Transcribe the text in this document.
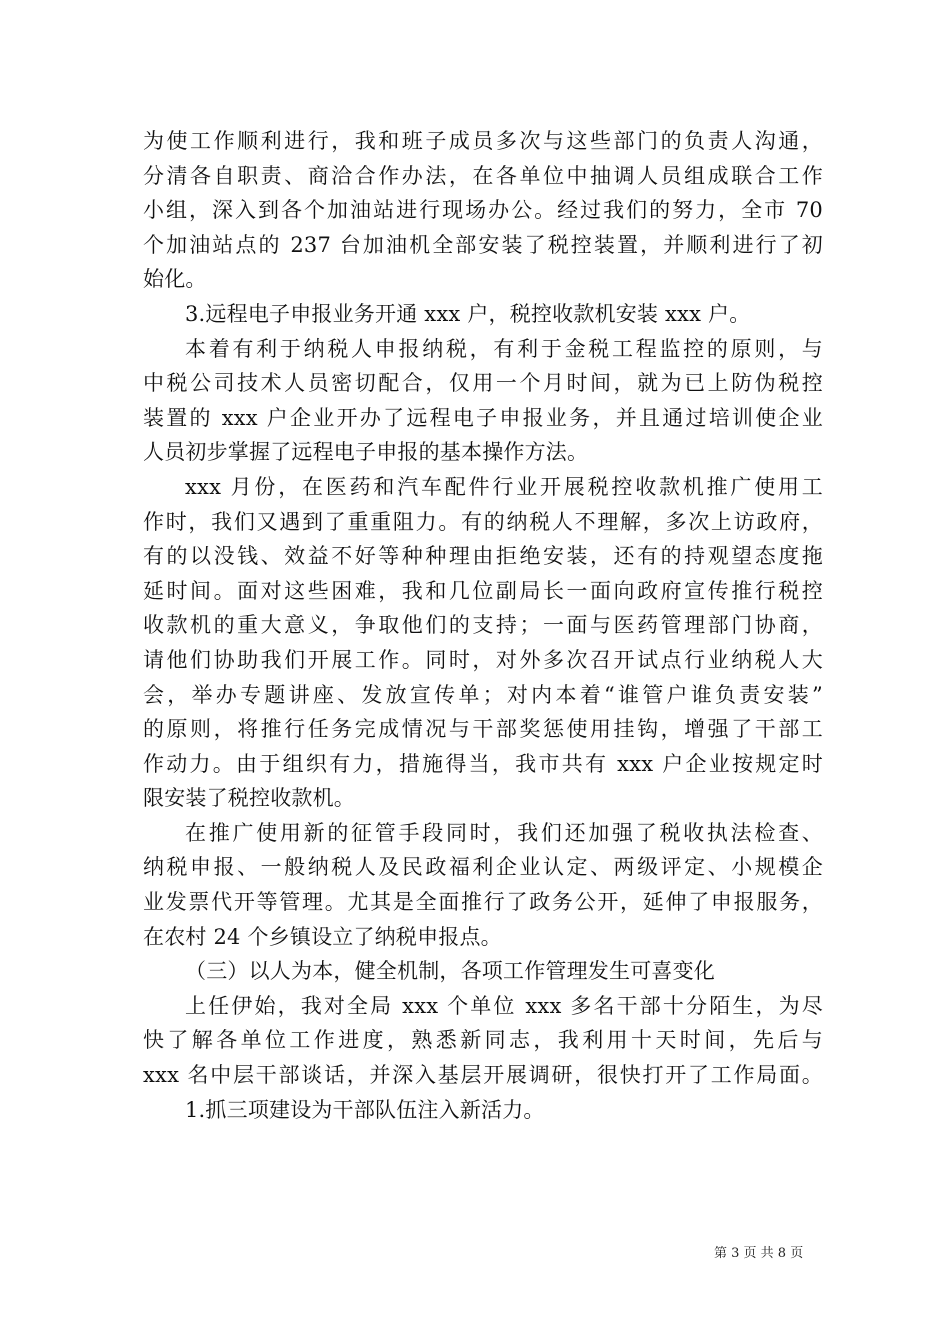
为使工作顺利进行，我和班子成员多次与这些部门的负责人沟通，
分清各自职责、商洽合作办法，在各单位中抽调人员组成联合工作
小组，深入到各个加油站进行现场办公。经过我们的努力，全市 70
个加油站点的 237 台加油机全部安装了税控装置，并顺利进行了初
始化。
3.远程电子申报业务开通 xxx 户，税控收款机安装 xxx 户。
本着有利于纳税人申报纳税，有利于金税工程监控的原则，与
中税公司技术人员密切配合，仅用一个月时间，就为已上防伪税控
装置的 xxx 户企业开办了远程电子申报业务，并且通过培训使企业
人员初步掌握了远程电子申报的基本操作方法。
xxx 月份，在医药和汽车配件行业开展税控收款机推广使用工
作时，我们又遇到了重重阻力。有的纳税人不理解，多次上访政府，
有的以没钱、效益不好等种种理由拒绝安装，还有的持观望态度拖
延时间。面对这些困难，我和几位副局长一面向政府宣传推行税控
收款机的重大意义，争取他们的支持；一面与医药管理部门协商，
请他们协助我们开展工作。同时，对外多次召开试点行业纳税人大
会，举办专题讲座、发放宣传单；对内本着“谁管户谁负责安装”
的原则，将推行任务完成情况与干部奖惩使用挂钩，增强了干部工
作动力。由于组织有力，措施得当，我市共有 xxx 户企业按规定时
限安装了税控收款机。
在推广使用新的征管手段同时，我们还加强了税收执法检查、
纳税申报、一般纳税人及民政福利企业认定、两级评定、小规模企
业发票代开等管理。尤其是全面推行了政务公开，延伸了申报服务，
在农村 24 个乡镇设立了纳税申报点。
（三）以人为本，健全机制，各项工作管理发生可喜变化
上任伊始，我对全局 xxx 个单位 xxx 多名干部十分陌生，为尽
快了解各单位工作进度，熟悉新同志，我利用十天时间，先后与
xxx 名中层干部谈话，并深入基层开展调研，很快打开了工作局面。
1.抓三项建设为干部队伍注入新活力。
第 3 页 共 8 页
